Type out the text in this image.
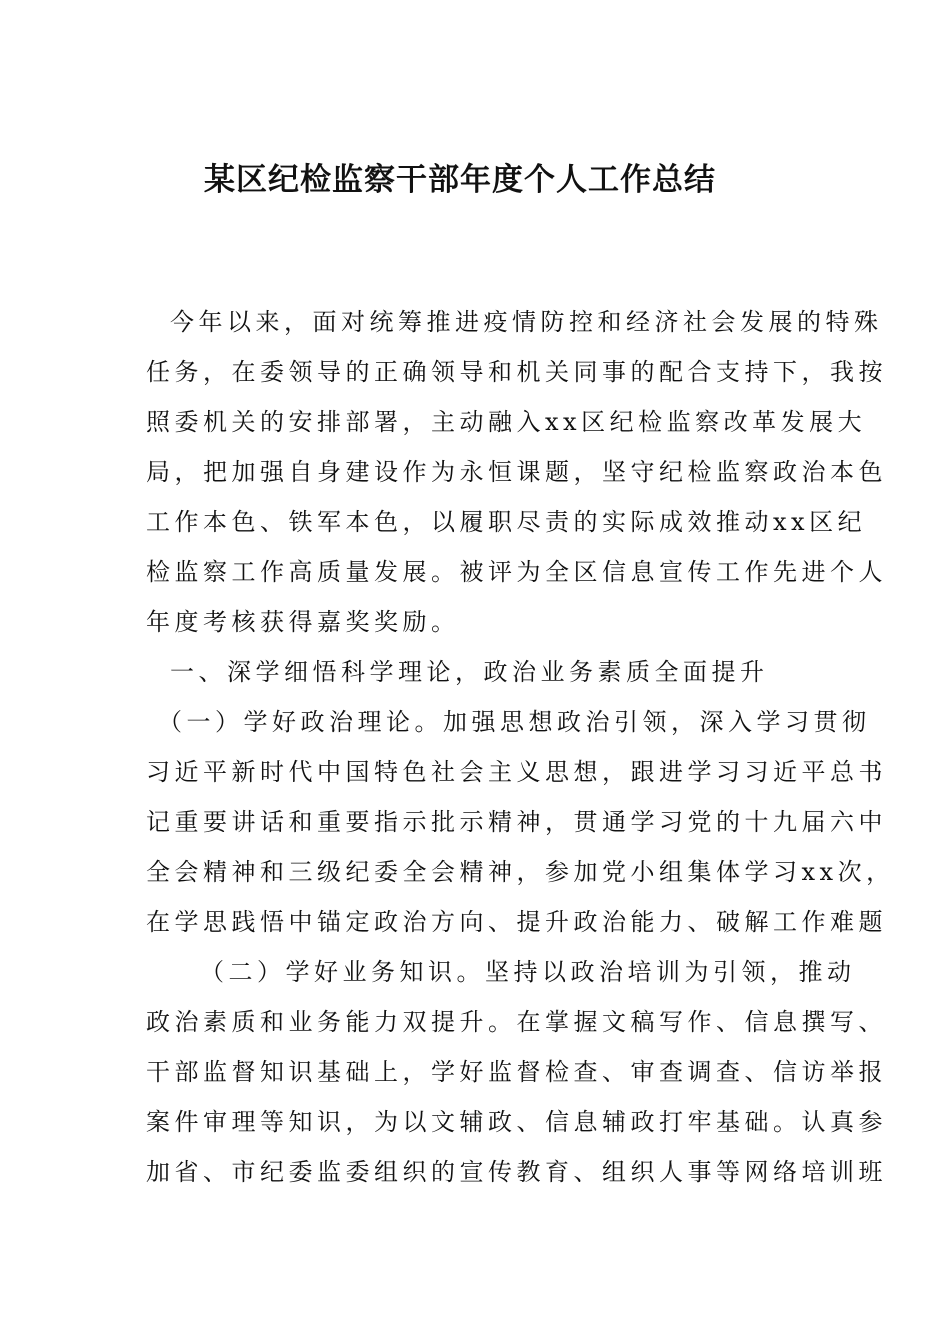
某区纪检监察干部年度个人工作总结
今年以来，面对统筹推进疫情防控和经济社会发展的特殊
任务，在委领导的正确领导和机关同事的配合支持下，我按
照委机关的安排部署，主动融入xx区纪检监察改革发展大
局，把加强自身建设作为永恒课题，坚守纪检监察政治本色
工作本色、铁军本色，以履职尽责的实际成效推动xx区纪
检监察工作高质量发展。被评为全区信息宣传工作先进个人
年度考核获得嘉奖奖励。
一、深学细悟科学理论，政治业务素质全面提升
（一）学好政治理论。加强思想政治引领，深入学习贯彻
习近平新时代中国特色社会主义思想，跟进学习习近平总书
记重要讲话和重要指示批示精神，贯通学习党的十九届六中
全会精神和三级纪委全会精神，参加党小组集体学习xx次，
在学思践悟中锚定政治方向、提升政治能力、破解工作难题
（二）学好业务知识。坚持以政治培训为引领，推动
政治素质和业务能力双提升。在掌握文稿写作、信息撰写、
干部监督知识基础上，学好监督检查、审查调查、信访举报
案件审理等知识，为以文辅政、信息辅政打牢基础。认真参
加省、市纪委监委组织的宣传教育、组织人事等网络培训班
